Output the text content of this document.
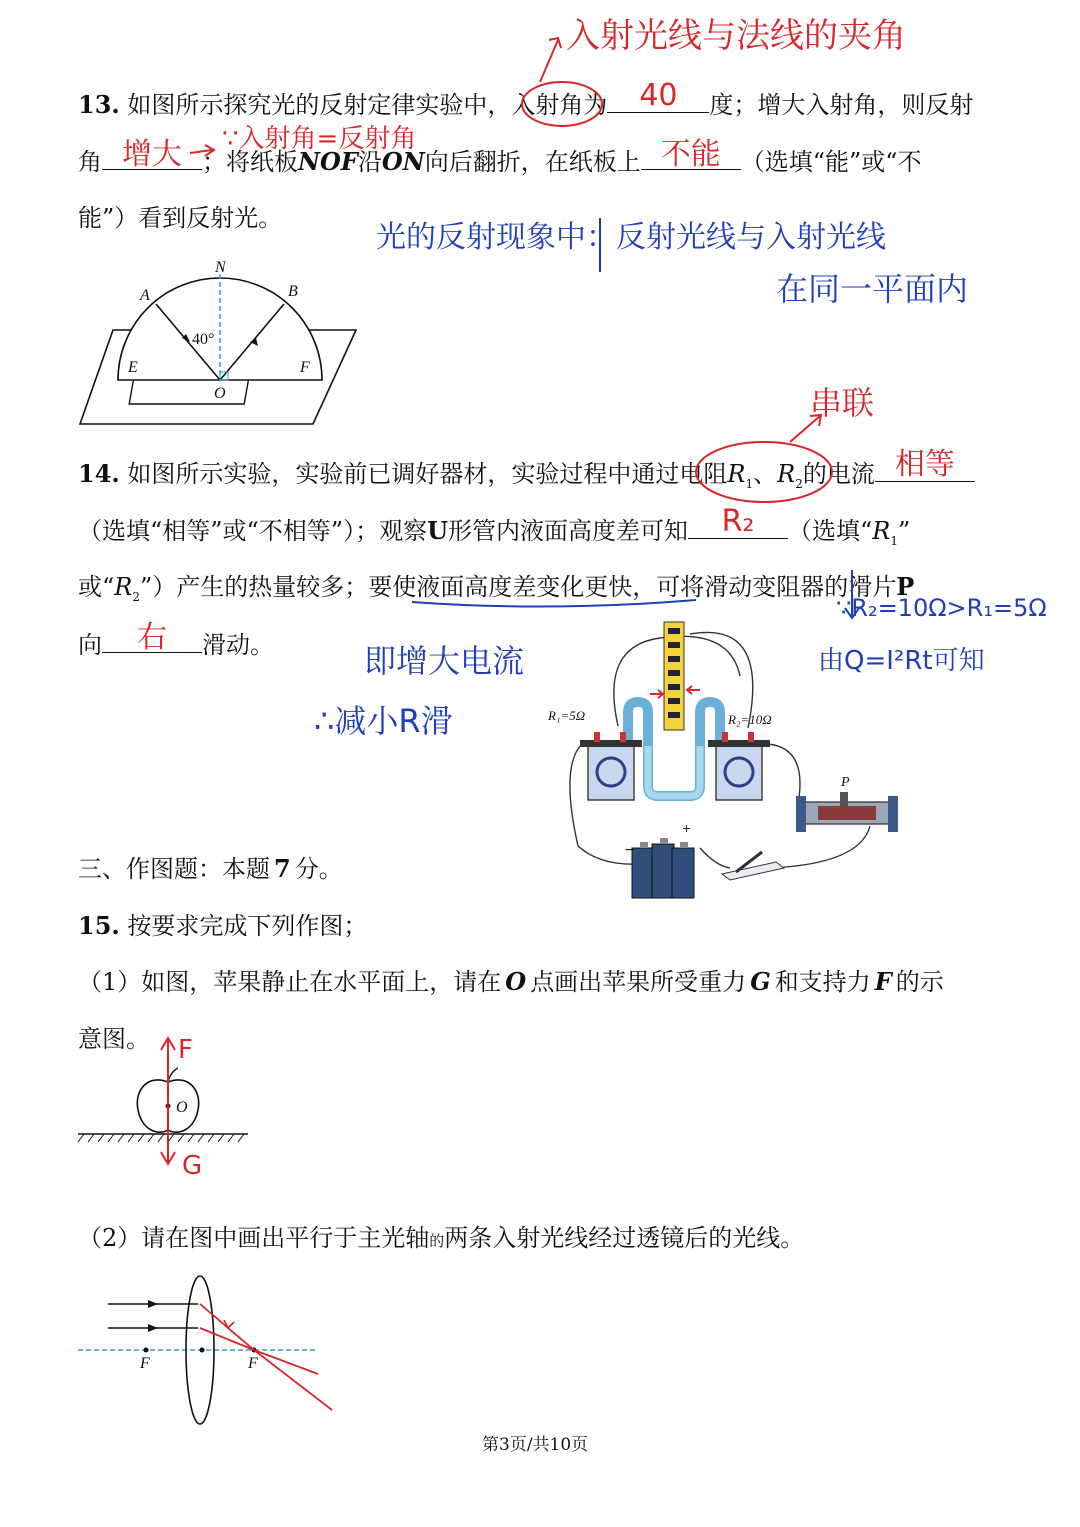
13. 如图所示探究光的反射定律实验中，入射角为 40 度；增大入射角，则反射
角 增大 ；将纸板NOF沿ON向后翻折，在纸板上 不能 （选填“能”或“不
能”）看到反射光。
入射光线与法线的夹角
∵入射角=反射角
光的反射现象中：反射光线与入射光线
在同一平面内
N
A	B
E	F
O
40°
14. 如图所示实验，实验前已调好器材，实验过程中通过电阻$R_1$、$R_2$的电流 相等
（选填“相等”或“不相等”）；观察U形管内液面高度差可知 R₂ （选填“$R_1$”
或“$R_2$”）产生的热量较多；要使液面高度差变化更快，可将滑动变阻器的滑片P
向 右 滑动。
串联
∵R₂=10Ω>R₁=5Ω
由Q=I²Rt可知
即增大电流
∴减小R滑	R₁=5Ω	R₂=10Ω
P
−
+
三、作图题：本题 7 分。
15. 按要求完成下列作图；
（1）如图，苹果静止在水平面上，请在 O 点画出苹果所受重力 G 和支持力 F 的示
意图。
O
F
G
（2）请在图中画出平行于主光轴的两条入射光线经过透镜后的光线。
F	F
第3页/共10页
